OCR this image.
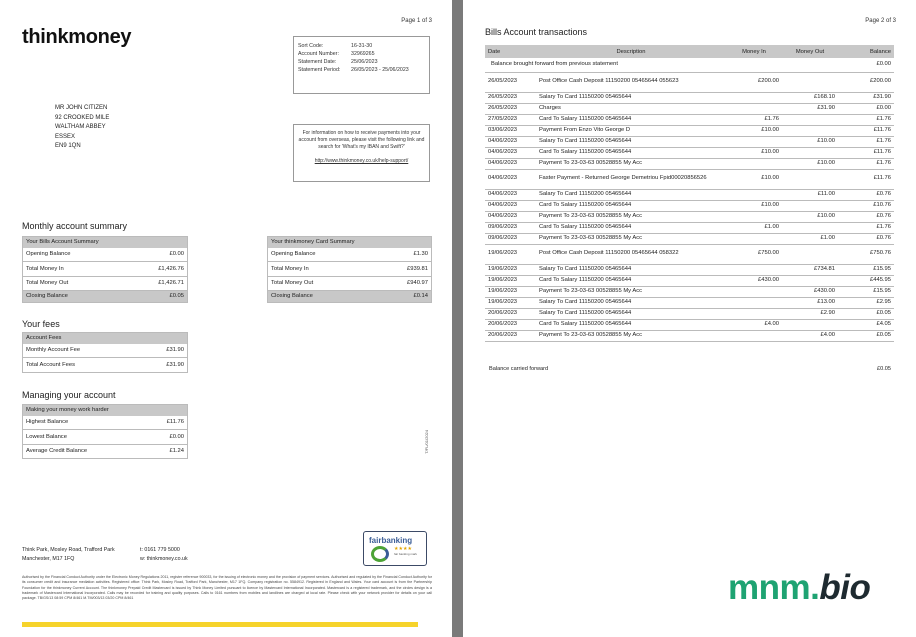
Page 1 of 3
thinkmoney	Sort Code:	16-31-30
Account Number:	32969265
Statement Date:	25/06/2023
Statement Period:	26/05/2023 - 25/06/2023
MR JOHN CITIZEN
92 CROOKED MILE
WALTHAM ABBEY
ESSEX
EN9 1QN
For information on how to receive payments into your account from overseas, please visit the following link and search for 'What's my IBAN and Swift?'
http://www.thinkmoney.co.uk/help-support/
Monthly account summary
Your Bills Account Summary	
Opening Balance	£0.00
Total Money In	£1,426.76
Total Money Out	£1,426.71
Closing Balance	£0.05
Your thinkmoney Card Summary	
Opening Balance	£1.30
Total Money In	£939.81
Total Money Out	£940.97
Closing Balance	£0.14
Your fees
Account Fees	
Monthly Account Fee	£31.90
Total Account Fees	£31.90
Managing your account
Making your money work harder	
Highest Balance	£11.76
Lowest Balance	£0.00
Average Credit Balance	£1.24	T/FL/01/2024
fairbanking
★★★★
fair banking mark
Think Park, Mosley Road, Trafford Park
Manchester, M17 1FQ
t: 0161 779 5000
w: thinkmoney.co.uk
Authorised by the Financial Conduct Authority under the Electronic Money Regulations 2011, register reference 900033, for the issuing of electronic money and the provision of payment services. Authorised and regulated by the Financial Conduct Authority for its consumer credit and insurance mediation activities. Registered office: Think Park, Mosley Road, Trafford Park, Manchester, M17 1FQ. Company registration no. 5584912. Registered in England and Wales. Your card account is from the Partnership Foundation for the thinkmoney Current Account. The thinkmoney Prepaid Credit Mastercard is issued by Think Money Limited pursuant to licence by Mastercard International Incorporated. Mastercard is a registered trademark, and the circles design is a trademark of Mastercard International Incorporated. Calls may be recorded for training and quality purposes. Calls to 0161 numbers from mobiles and landlines are charged at local rate. Please check with your network provider for details on your call package. TB/GS/13 08:59 CPM 8/461 M.TM/003/13 03/20 CPM 8/461
Page 2 of 3
Bills Account transactions
Date	Description	Money In	Money Out	Balance
Balance brought forward from previous statement				£0.00
26/05/2023	Post Office Cash Deposit 11150200 05465644 055623	£200.00		£200.00
26/05/2023	Salary To Card 11150200 05465644		£168.10	£31.90
26/05/2023	Charges		£31.90	£0.00
27/05/2023	Card To Salary 11150200 05465644	£1.76		£1.76
03/06/2023	Payment From Enzo Vito George D	£10.00		£11.76
04/06/2023	Salary To Card 11150200 05465644		£10.00	£1.76
04/06/2023	Card To Salary 11150200 05465644	£10.00		£11.76
04/06/2023	Payment To 23-03-63 00528855 My Acc		£10.00	£1.76
04/06/2023	Faster Payment - Returned George Demetriou Fpid00020856526	£10.00		£11.76
04/06/2023	Salary To Card 11150200 05465644		£11.00	£0.76
04/06/2023	Card To Salary 11150200 05465644	£10.00		£10.76
04/06/2023	Payment To 23-03-63 00528855 My Acc		£10.00	£0.76
09/06/2023	Card To Salary 11150200 05465644	£1.00		£1.76
09/06/2023	Payment To 23-03-63 00528855 My Acc		£1.00	£0.76
19/06/2023	Post Office Cash Deposit 11150200 05465644 058322	£750.00		£750.76
19/06/2023	Salary To Card 11150200 05465644		£734.81	£15.95
19/06/2023	Card To Salary 11150200 05465644	£430.00		£445.95
19/06/2023	Payment To 23-03-63 00528855 My Acc		£430.00	£15.95
19/06/2023	Salary To Card 11150200 05465644		£13.00	£2.95
20/06/2023	Salary To Card 11150200 05465644		£2.90	£0.05
20/06/2023	Card To Salary 11150200 05465644	£4.00		£4.05
20/06/2023	Payment To 23-03-63 00528855 My Acc		£4.00	£0.05
Balance carried forward	£0.05
mnm.bio
